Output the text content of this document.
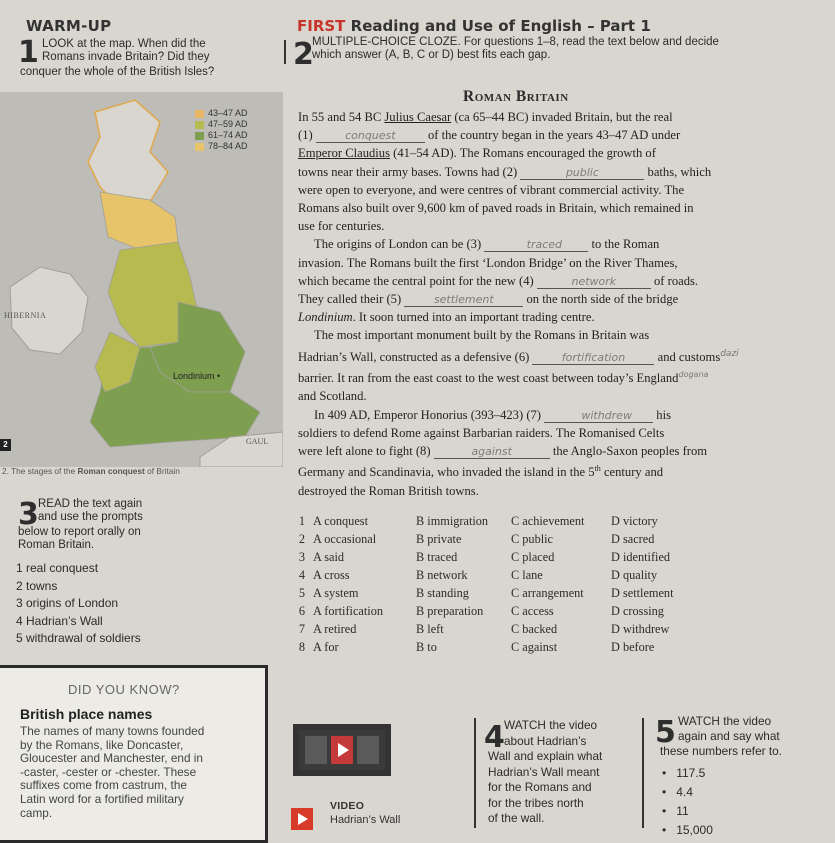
WARM-UP	FIRST Reading and Use of English – Part 1
1 LOOK at the map. When did the
Romans invade Britain? Did they
conquer the whole of the British Isles?	2
MULTIPLE-CHOICE CLOZE. For questions 1–8, read the text below and decide
which answer (A, B, C or D) best fits each gap.
43–47 AD
47–59 AD
61–74 AD
78–84 AD
HIBERNIA
Londinium •
GAUL
2
2. The stages of the Roman conquest of Britain
Roman Britain

In 55 and 54 BC Julius Caesar (ca 65–44 BC) invaded Britain, but the real

(1)	conquest of the country began in the years 43–47 AD under

Emperor Claudius (41–54 AD). The Romans encouraged the growth of

towns near their army bases. Towns had (2)	public	baths, which

were open to everyone, and were centres of vibrant commercial activity. The

Romans also built over 9,600 km of paved roads in Britain, which remained in

use for centuries.

The origins of London can be (3)	traced to the Roman

invasion. The Romans built the first ‘London Bridge’ on the River Thames,

which became the central point for the new (4)	network	of roads.

They called their (5)	settlement on the north side of the bridge

Londinium. It soon turned into an important trading centre.

The most important monument built by the Romans in Britain was

Hadrian’s Wall, constructed as a defensive (6)	fortification and customs$^{dazi}$

barrier. It ran from the east coast to the west coast between today’s England$^{dogana}$

and Scotland.

In 409 AD, Emperor Honorius (393–423) (7)	withdrew his

soldiers to defend Rome against Barbarian raiders. The Romanised Celts

were left alone to fight (8)	against	the Anglo-Saxon peoples from

Germany and Scandinavia, who invaded the island in the 5th century and

destroyed the Roman British towns.

1 A conquest	B immigration	C achievement	D victory
2 A occasional	B private	C public	D sacred
3 A said	B traced	C placed	D identified
4 A cross	B network	C lane	D quality
5 A system	B standing	C arrangement	D settlement
6 A fortification	B preparation	C access	D crossing
7 A retired	B left	C backed	D withdrew
8 A for	B to	C against	D before
3 READ the text again
and use the prompts
below to report orally on
Roman Britain.
1 real conquest
2 towns
3 origins of London
4 Hadrian’s Wall
5 withdrawal of soldiers
DID YOU KNOW?
British place names
The names of many towns founded
by the Romans, like Doncaster,
Gloucester and Manchester, end in
-caster, -cester or -chester. These
suffixes come from castrum, the
Latin word for a fortified military
camp.	VIDEO
Hadrian’s Wall
4 WATCH the video
about Hadrian’s
Wall and explain what
Hadrian’s Wall meant
for the Romans and
for the tribes north
of the wall.
5 WATCH the video
again and say what
these numbers refer to.
• 117.5
• 4.4
• 11
• 15,000
